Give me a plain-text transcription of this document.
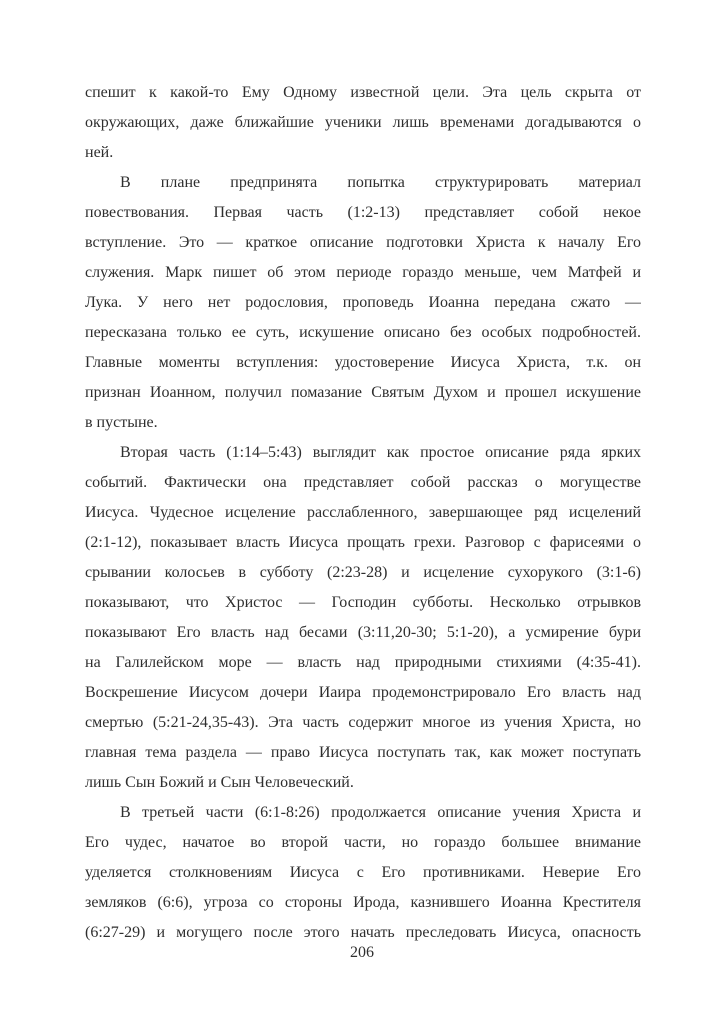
спешит к какой-то Ему Одному известной цели. Эта цель скрыта от
окружающих, даже ближайшие ученики лишь временами догадываются о
ней.
В плане предпринята попытка структурировать материал
повествования. Первая часть (1:2-13) представляет собой некое
вступление. Это — краткое описание подготовки Христа к началу Его
служения. Марк пишет об этом периоде гораздо меньше, чем Матфей и
Лука. У него нет родословия, проповедь Иоанна передана сжато —
пересказана только ее суть, искушение описано без особых подробностей.
Главные моменты вступления: удостоверение Иисуса Христа, т.к. он
признан Иоанном, получил помазание Святым Духом и прошел искушение
в пустыне.
Вторая часть (1:14–5:43) выглядит как простое описание ряда ярких
событий. Фактически она представляет собой рассказ о могуществе
Иисуса. Чудесное исцеление расслабленного, завершающее ряд исцелений
(2:1-12), показывает власть Иисуса прощать грехи. Разговор с фарисеями о
срывании колосьев в субботу (2:23-28) и исцеление сухорукого (3:1-6)
показывают, что Христос — Господин субботы. Несколько отрывков
показывают Его власть над бесами (3:11,20-30; 5:1-20), а усмирение бури
на Галилейском море — власть над природными стихиями (4:35-41).
Воскрешение Иисусом дочери Иаира продемонстрировало Его власть над
смертью (5:21-24,35-43). Эта часть содержит многое из учения Христа, но
главная тема раздела — право Иисуса поступать так, как может поступать
лишь Сын Божий и Сын Человеческий.
В третьей части (6:1-8:26) продолжается описание учения Христа и
Его чудес, начатое во второй части, но гораздо большее внимание
уделяется столкновениям Иисуса с Его противниками. Неверие Его
земляков (6:6), угроза со стороны Ирода, казнившего Иоанна Крестителя
(6:27-29) и могущего после этого начать преследовать Иисуса, опасность
206
